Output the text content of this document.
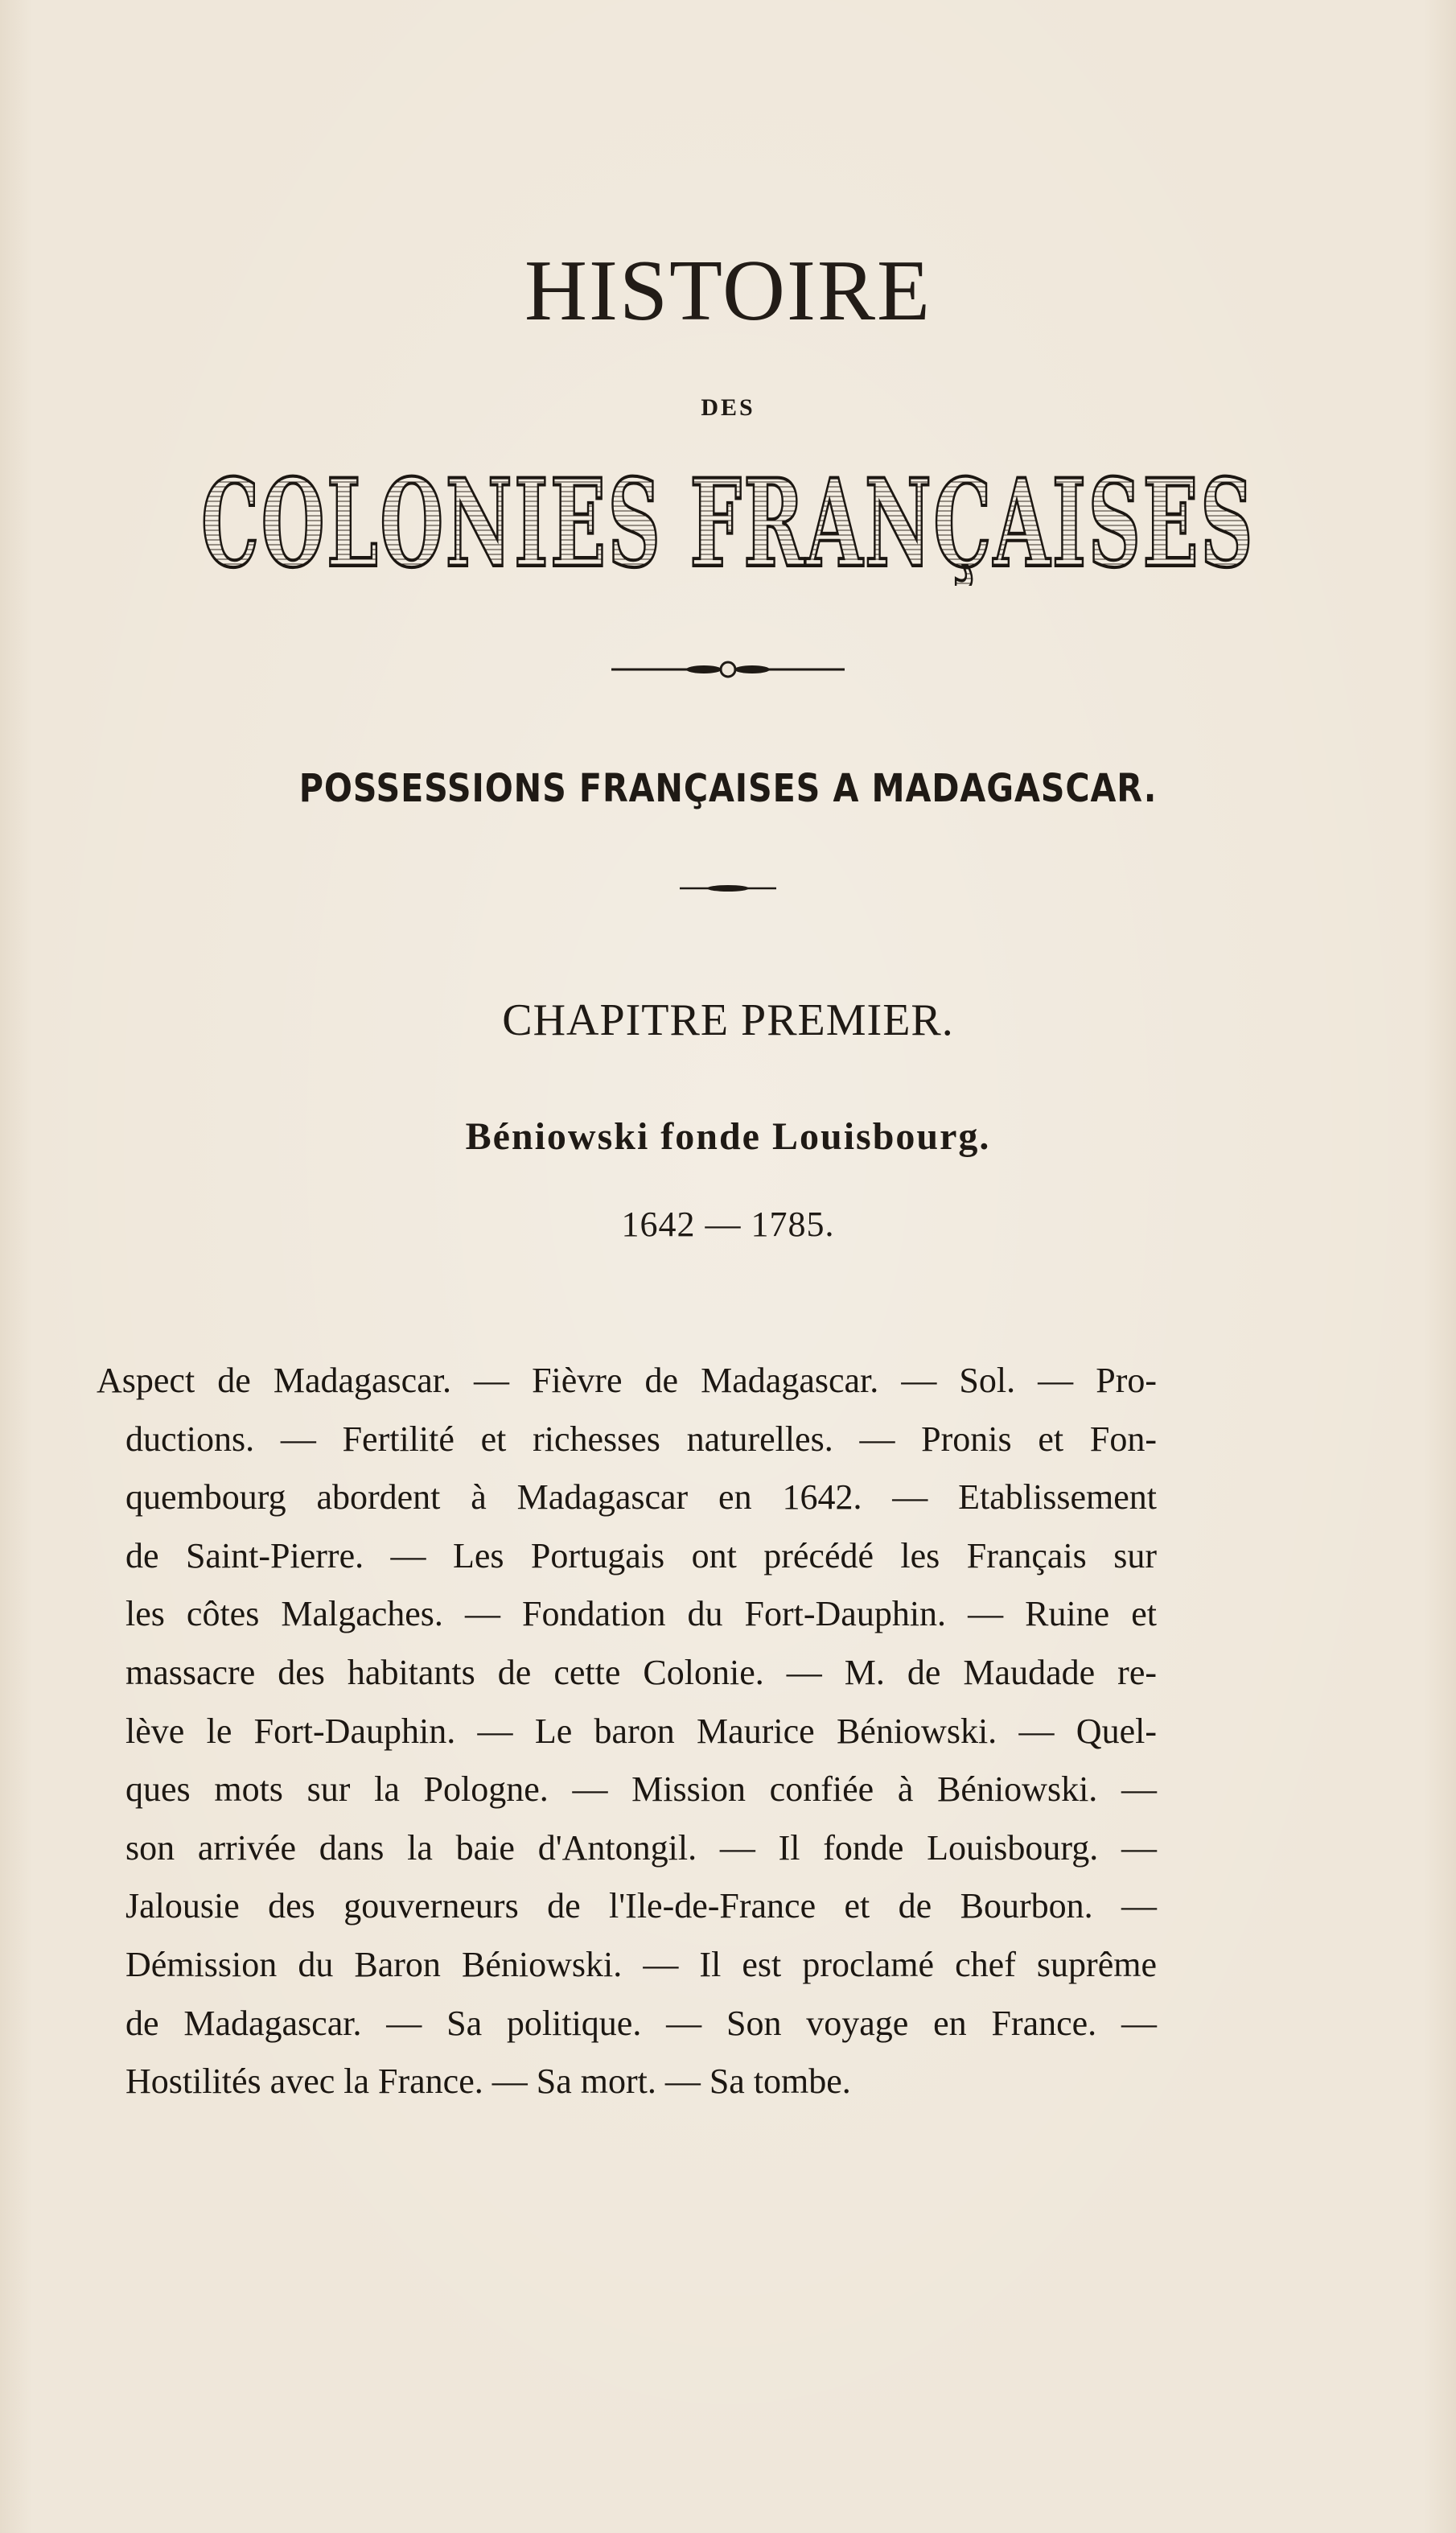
HISTOIRE
DES
COLONIES FRANÇAISES
POSSESSIONS FRANÇAISES A MADAGASCAR.
CHAPITRE PREMIER.
Béniowski fonde Louisbourg.
1642 — 1785.
Aspect de Madagascar. — Fièvre de Madagascar. — Sol. — Pro-
ductions. — Fertilité et richesses naturelles. — Pronis et Fon-
quembourg abordent à Madagascar en 1642. — Etablissement
de Saint-Pierre. — Les Portugais ont précédé les Français sur
les côtes Malgaches. — Fondation du Fort-Dauphin. — Ruine et
massacre des habitants de cette Colonie. — M. de Maudade re-
lève le Fort-Dauphin. — Le baron Maurice Béniowski. — Quel-
ques mots sur la Pologne. — Mission confiée à Béniowski. —
son arrivée dans la baie d'Antongil. — Il fonde Louisbourg. —
Jalousie des gouverneurs de l'Ile-de-France et de Bourbon. —
Démission du Baron Béniowski. — Il est proclamé chef suprême
de Madagascar. — Sa politique. — Son voyage en France. —
Hostilités avec la France. — Sa mort. — Sa tombe.
